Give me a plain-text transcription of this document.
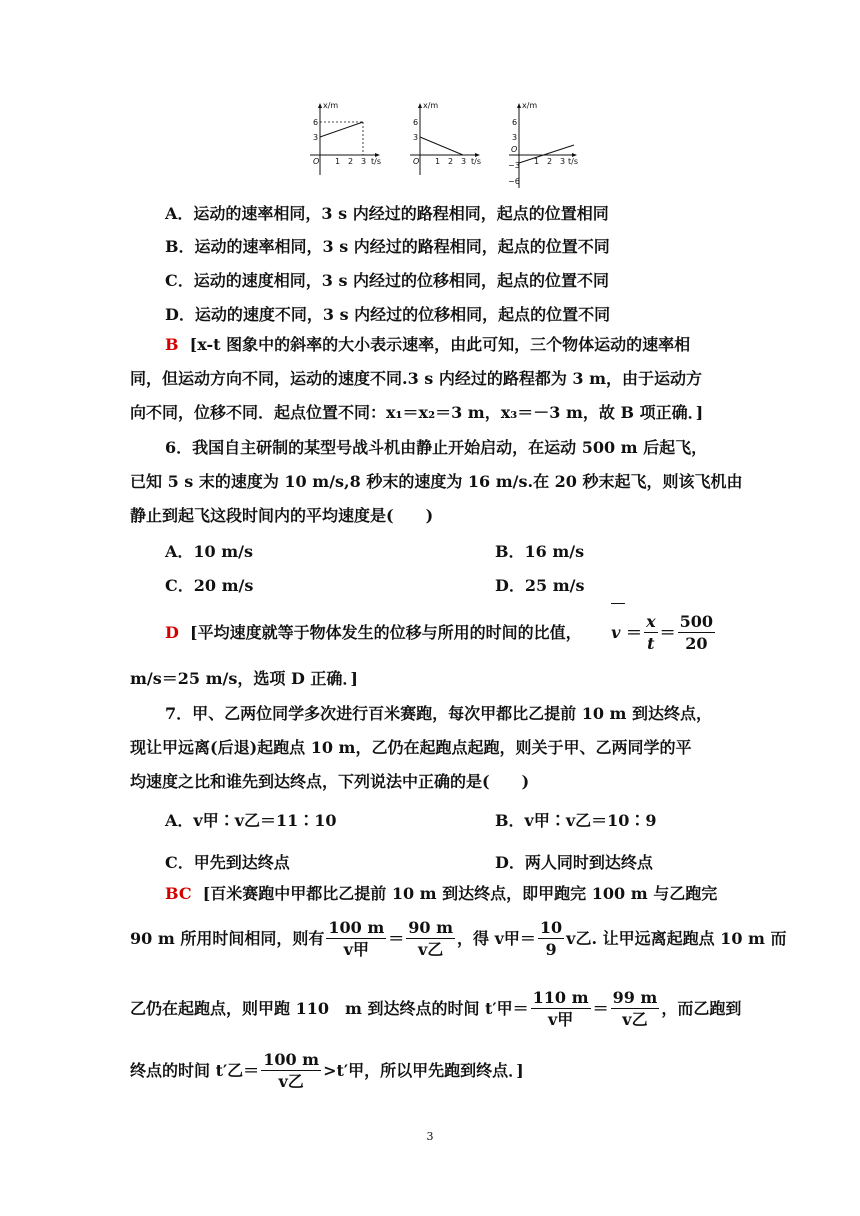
x/m
t/s
6
3
1 2 3
O
x/m
t/s
6
3
1 2 3
O
x/m
t/s
6
3
−3
−6
1 2 3
O
A．运动的速率相同，3 s 内经过的路程相同，起点的位置相同
B．运动的速率相同，3 s 内经过的路程相同，起点的位置不同
C．运动的速度相同，3 s 内经过的位移相同，起点的位置不同
D．运动的速度不同，3 s 内经过的位移相同，起点的位置不同
B [x-t 图象中的斜率的大小表示速率，由此可知，三个物体运动的速率相
同，但运动方向不同，运动的速度不同.3 s 内经过的路程都为 3 m，由于运动方
向不同，位移不同．起点位置不同：x₁＝x₂＝3 m，x₃＝－3 m，故 B 项正确．]
6．我国自主研制的某型号战斗机由静止开始启动，在运动 500 m 后起飞，
已知 5 s 末的速度为 10 m/s,8 秒末的速度为 16 m/s.在 20 秒末起飞，则该飞机由
静止到起飞这段时间内的平均速度是(　　)
A．10 m/s	B．16 m/s
C．20 m/s	D．25 m/s
D [平均速度就等于物体发生的位移与所用的时间的比值， $v = \frac{x}{t} = \frac{500}{20}$
m/s＝25 m/s，选项 D 正确．]
7．甲、乙两位同学多次进行百米赛跑，每次甲都比乙提前 10 m 到达终点，
现让甲远离(后退)起跑点 10 m，乙仍在起跑点起跑，则关于甲、乙两同学的平
均速度之比和谁先到达终点，下列说法中正确的是(　　)
A．v甲∶v乙＝11∶10	B．v甲∶v乙＝10∶9
C．甲先到达终点	D．两人同时到达终点
BC [百米赛跑中甲都比乙提前 10 m 到达终点，即甲跑完 100 m 与乙跑完
90 m 所用时间相同，则有 $\frac{100 m}{\text{v甲}} = \frac{90 m}{\text{v乙}}$ ，得 v甲＝ $\frac{10}{9}$ v乙. 让甲远离起跑点 10 m 而
乙仍在起跑点，则甲跑 110　m 到达终点的时间 t′甲＝ $\frac{110 m}{\text{v甲}} = \frac{99 m}{\text{v乙}}$ ，而乙跑到
终点的时间 t′乙＝ $\frac{100 m}{\text{v乙}} >t'$甲，所以甲先跑到终点．]
3
